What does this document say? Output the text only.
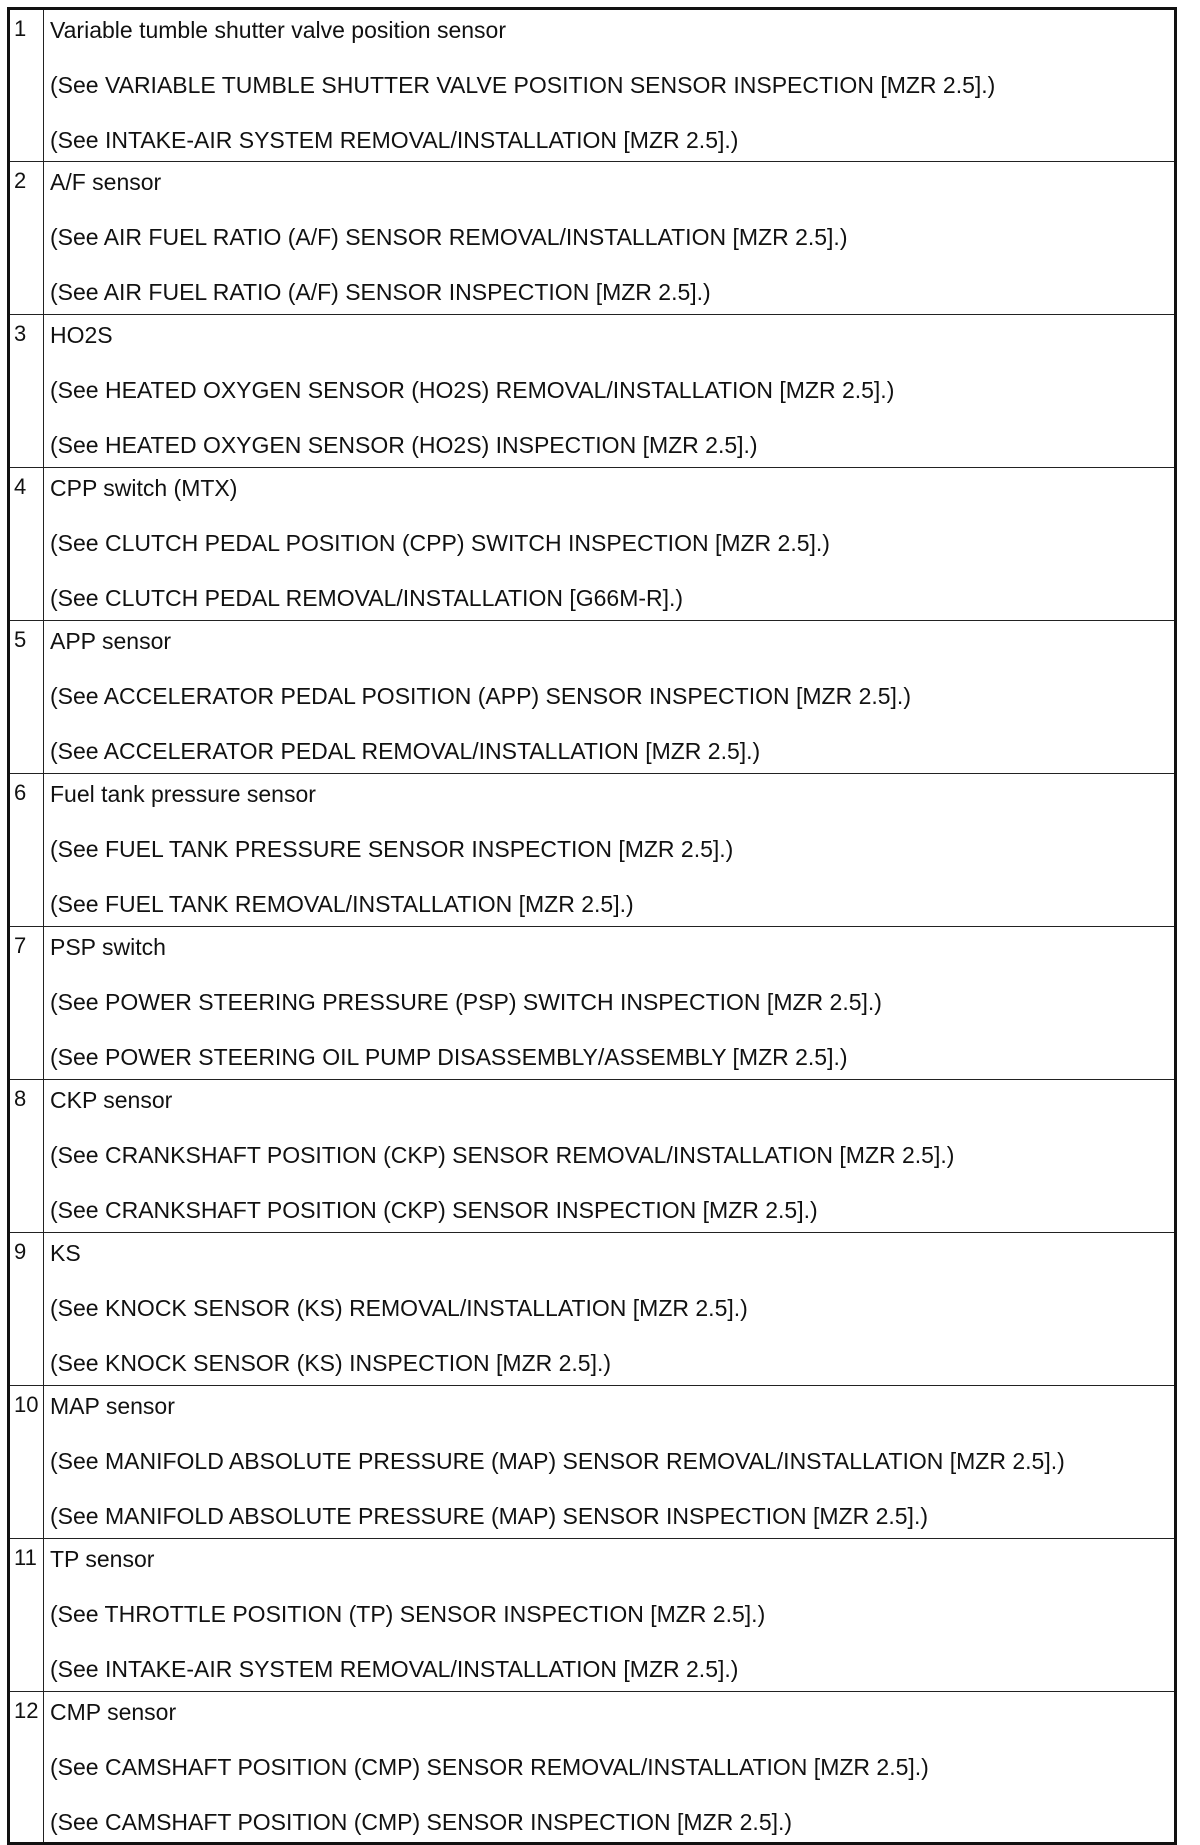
1	Variable tumble shutter valve position sensor
(See VARIABLE TUMBLE SHUTTER VALVE POSITION SENSOR INSPECTION [MZR 2.5].)
(See INTAKE-AIR SYSTEM REMOVAL/INSTALLATION [MZR 2.5].)

2	A/F sensor
(See AIR FUEL RATIO (A/F) SENSOR REMOVAL/INSTALLATION [MZR 2.5].)
(See AIR FUEL RATIO (A/F) SENSOR INSPECTION [MZR 2.5].)

3	HO2S
(See HEATED OXYGEN SENSOR (HO2S) REMOVAL/INSTALLATION [MZR 2.5].)
(See HEATED OXYGEN SENSOR (HO2S) INSPECTION [MZR 2.5].)

4	CPP switch (MTX)
(See CLUTCH PEDAL POSITION (CPP) SWITCH INSPECTION [MZR 2.5].)
(See CLUTCH PEDAL REMOVAL/INSTALLATION [G66M-R].)

5	APP sensor
(See ACCELERATOR PEDAL POSITION (APP) SENSOR INSPECTION [MZR 2.5].)
(See ACCELERATOR PEDAL REMOVAL/INSTALLATION [MZR 2.5].)

6	Fuel tank pressure sensor
(See FUEL TANK PRESSURE SENSOR INSPECTION [MZR 2.5].)
(See FUEL TANK REMOVAL/INSTALLATION [MZR 2.5].)

7	PSP switch
(See POWER STEERING PRESSURE (PSP) SWITCH INSPECTION [MZR 2.5].)
(See POWER STEERING OIL PUMP DISASSEMBLY/ASSEMBLY [MZR 2.5].)

8	CKP sensor
(See CRANKSHAFT POSITION (CKP) SENSOR REMOVAL/INSTALLATION [MZR 2.5].)
(See CRANKSHAFT POSITION (CKP) SENSOR INSPECTION [MZR 2.5].)

9	KS
(See KNOCK SENSOR (KS) REMOVAL/INSTALLATION [MZR 2.5].)
(See KNOCK SENSOR (KS) INSPECTION [MZR 2.5].)

10	MAP sensor
(See MANIFOLD ABSOLUTE PRESSURE (MAP) SENSOR REMOVAL/INSTALLATION [MZR 2.5].)
(See MANIFOLD ABSOLUTE PRESSURE (MAP) SENSOR INSPECTION [MZR 2.5].)

11	TP sensor
(See THROTTLE POSITION (TP) SENSOR INSPECTION [MZR 2.5].)
(See INTAKE-AIR SYSTEM REMOVAL/INSTALLATION [MZR 2.5].)

12	CMP sensor
(See CAMSHAFT POSITION (CMP) SENSOR REMOVAL/INSTALLATION [MZR 2.5].)
(See CAMSHAFT POSITION (CMP) SENSOR INSPECTION [MZR 2.5].)
